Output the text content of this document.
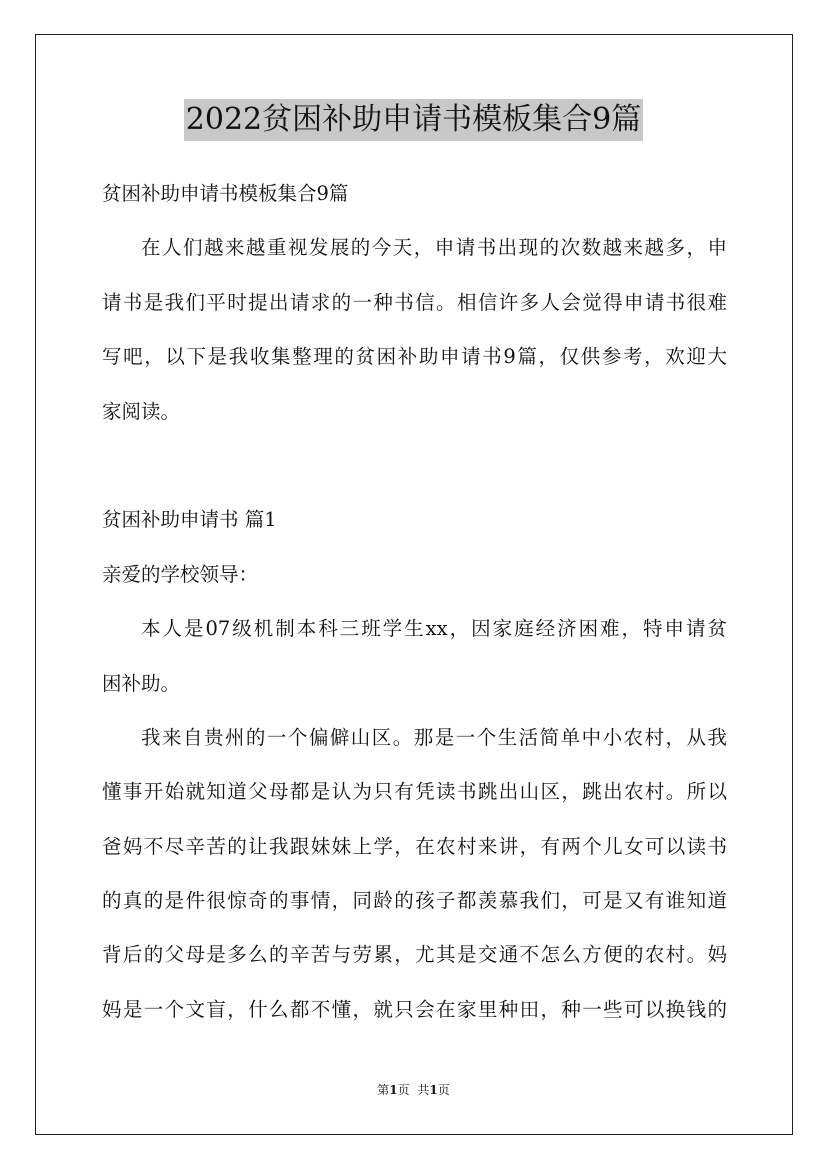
2022贫困补助申请书模板集合9篇
贫困补助申请书模板集合9篇
在人们越来越重视发展的今天，申请书出现的次数越来越多，申
请书是我们平时提出请求的一种书信。相信许多人会觉得申请书很难
写吧，以下是我收集整理的贫困补助申请书9篇，仅供参考，欢迎大
家阅读。
贫困补助申请书 篇1
亲爱的学校领导：
本人是07级机制本科三班学生xx，因家庭经济困难，特申请贫
困补助。
我来自贵州的一个偏僻山区。那是一个生活简单中小农村，从我
懂事开始就知道父母都是认为只有凭读书跳出山区，跳出农村。所以
爸妈不尽辛苦的让我跟妹妹上学，在农村来讲，有两个儿女可以读书
的真的是件很惊奇的事情，同龄的孩子都羡慕我们，可是又有谁知道
背后的父母是多么的辛苦与劳累，尤其是交通不怎么方便的农村。妈
妈是一个文盲，什么都不懂，就只会在家里种田，种一些可以换钱的
第1页 共1页
